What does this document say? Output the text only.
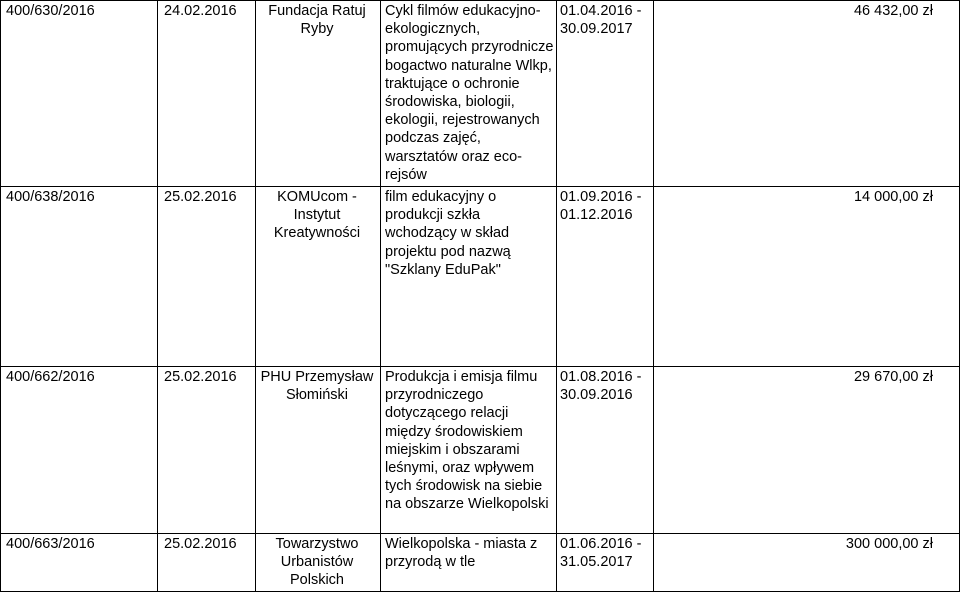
400/630/2016	24.02.2016	Fundacja Ratuj Ryby	Cykl filmów edukacyjno-ekologicznych, promujących przyrodnicze bogactwo naturalne Wlkp, traktujące o ochronie środowiska, biologii, ekologii, rejestrowanych podczas zajęć, warsztatów oraz eco-rejsów	01.04.2016 - 30.09.2017	46 432,00 zł
400/638/2016	25.02.2016	KOMUcom - Instytut Kreatywności	film edukacyjny o produkcji szkła wchodzący w skład projektu pod nazwą "Szklany EduPak"	01.09.2016 - 01.12.2016	14 000,00 zł
400/662/2016	25.02.2016	PHU Przemysław Słomiński	Produkcja i emisja filmu przyrodniczego dotyczącego relacji między środowiskiem miejskim i obszarami leśnymi, oraz wpływem tych środowisk na siebie na obszarze Wielkopolski	01.08.2016 - 30.09.2016	29 670,00 zł
400/663/2016	25.02.2016	Towarzystwo Urbanistów Polskich	Wielkopolska - miasta z przyrodą w tle	01.06.2016 - 31.05.2017	300 000,00 zł
